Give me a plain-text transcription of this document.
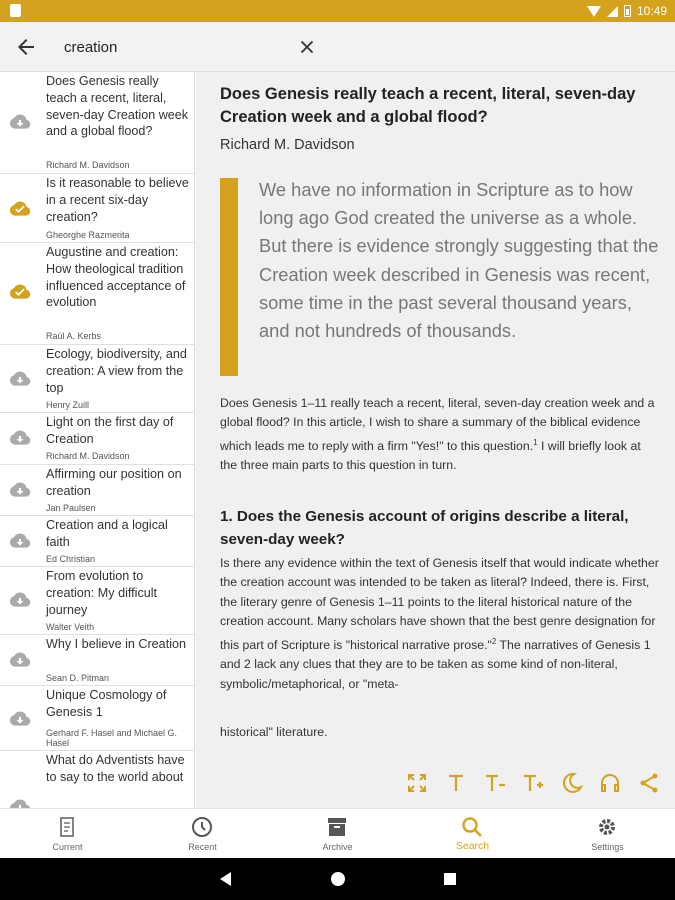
10:49
creation
Does Genesis really teach a recent, literal, seven-day Creation week and a global flood?
Richard M. Davidson
Is it reasonable to believe in a recent six-day creation?
Gheorghe Razmerita
Augustine and creation: How theological tradition influenced acceptance of evolution
Raúl A. Kerbs
Ecology, biodiversity, and creation: A view from the top
Henry Zuill
Light on the first day of Creation
Richard M. Davidson
Affirming our position on creation
Jan Paulsen
Creation and a logical faith
Ed Christian
From evolution to creation: My difficult journey
Walter Veith
Why I believe in Creation
Sean D. Pitman
Unique Cosmology of Genesis 1
Gerhard F. Hasel and Michael G. Hasel
What do Adventists have to say to the world about
Does Genesis really teach a recent, literal, seven-day Creation week and a global flood?
Richard M. Davidson
We have no information in Scripture as to how long ago God created the universe as a whole. But there is evidence strongly suggesting that the Creation week described in Genesis was recent, some time in the past several thousand years, and not hundreds of thousands.
Does Genesis 1–11 really teach a recent, literal, seven-day creation week and a global flood? In this article, I wish to share a summary of the biblical evidence which leads me to reply with a firm "Yes!" to this question.$^1$ I will briefly look at the three main parts to this question in turn.
1. Does the Genesis account of origins describe a literal, seven-day week?
Is there any evidence within the text of Genesis itself that would indicate whether the creation account was intended to be taken as literal? Indeed, there is. First, the literary genre of Genesis 1–11 points to the literal historical nature of the creation account. Many scholars have shown that the best genre designation for this part of Scripture is "historical narrative prose."$^2$ The narratives of Genesis 1 and 2 lack any clues that they are to be taken as some kind of non-literal, symbolic/metaphorical, or "meta-
historical" literature.
Current	Recent	Archive	Search	Settings
